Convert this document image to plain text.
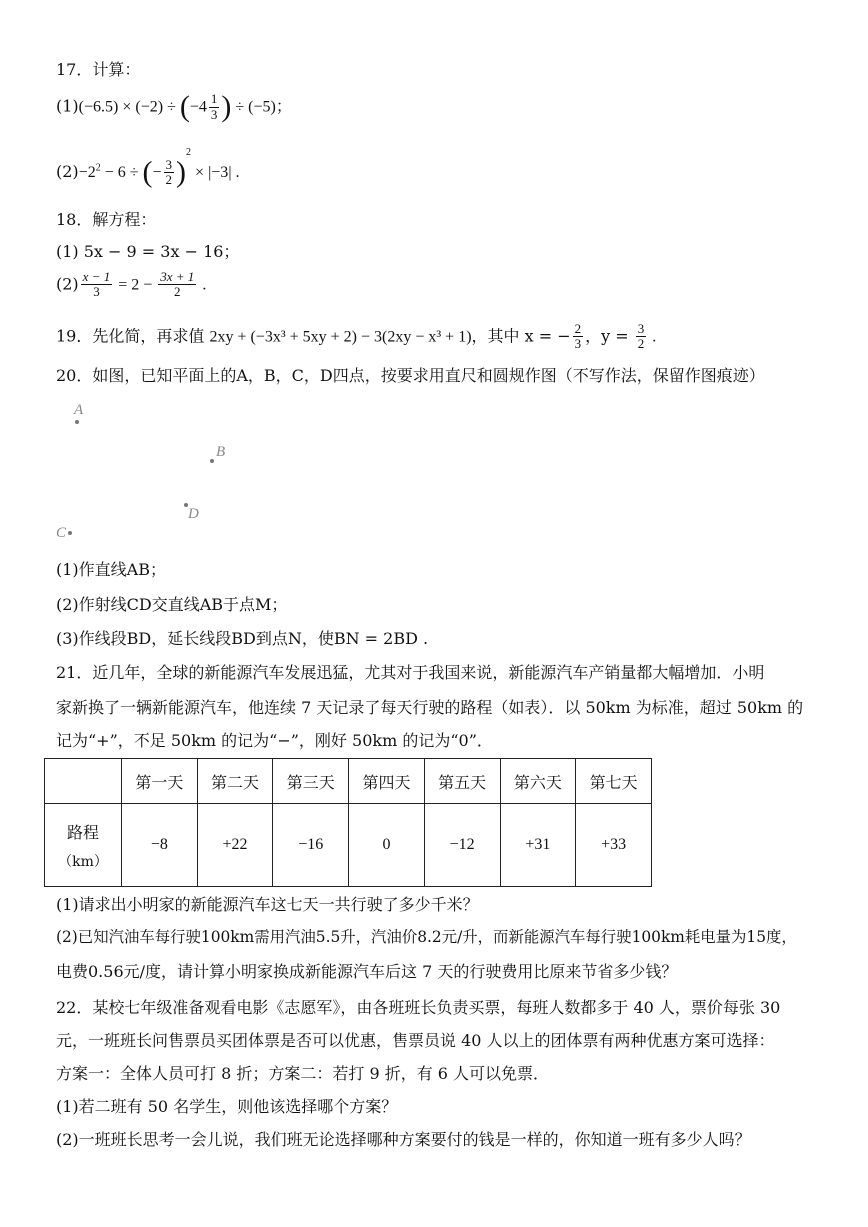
17．计算：
$(1)(-6.5) \times (-2) \div (-4 \frac{1}{3}$ ) ÷ (−5)；
$(2)-2^2 - 6$ ÷ (− $\frac{3}{2} )^2 \times |-3|$ .
18．解方程：
(1) 5x − 9 = 3x − 16；
$(2) \frac{x - 1}{3} = 2 - \frac{3x + 1}{2}$ .
19．先化简，再求值 2xy + (−3x³ + 5xy + 2) − 3(2xy − x³ + 1)，其中 x = − $\frac{2}{3}$ ，$y = \frac{3}{2}$ .
20．如图，已知平面上的A，B，C，D四点，按要求用直尺和圆规作图（不写作法，保留作图痕迹）
A
B
D
C
(1)作直线AB；
(2)作射线CD交直线AB于点M；
(3)作线段BD，延长线段BD到点N，使BN = 2BD .
21．近几年，全球的新能源汽车发展迅猛，尤其对于我国来说，新能源汽车产销量都大幅增加．小明
家新换了一辆新能源汽车，他连续 7 天记录了每天行驶的路程（如表）．以 50km 为标准，超过 50km 的
记为“+”，不足 50km 的记为“−”，刚好 50km 的记为“0”．
	第一天	第二天	第三天	第四天	第五天	第六天	第七天

路程
（km）	−8	+22	−16	0	−12	+31	+33
(1)请求出小明家的新能源汽车这七天一共行驶了多少千米？
(2)已知汽油车每行驶100km需用汽油5.5升，汽油价8.2元/升，而新能源汽车每行驶100km耗电量为15度，
电费0.56元/度，请计算小明家换成新能源汽车后这 7 天的行驶费用比原来节省多少钱？
22．某校七年级准备观看电影《志愿军》，由各班班长负责买票，每班人数都多于 40 人，票价每张 30
元，一班班长问售票员买团体票是否可以优惠，售票员说 40 人以上的团体票有两种优惠方案可选择：
方案一：全体人员可打 8 折；方案二：若打 9 折，有 6 人可以免票．
(1)若二班有 50 名学生，则他该选择哪个方案？
(2)一班班长思考一会儿说，我们班无论选择哪种方案要付的钱是一样的，你知道一班有多少人吗？
